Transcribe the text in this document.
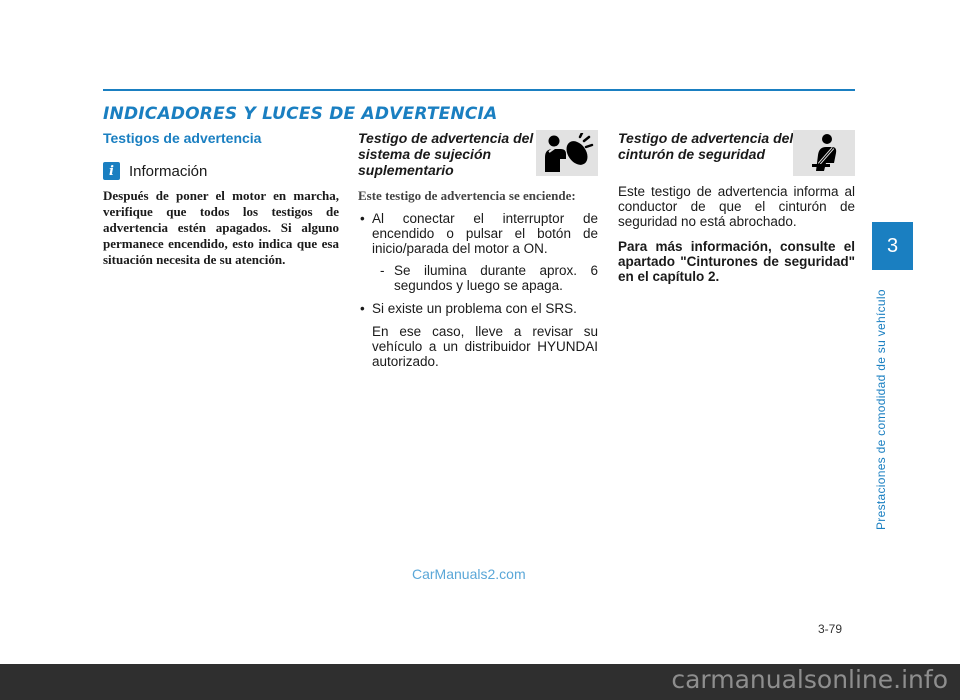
INDICADORES Y LUCES DE ADVERTENCIA
Testigos de advertencia
i	Información

Después de poner el motor en marcha, verifique que todos los testigos de advertencia estén apagados. Si alguno permanece encendido, esto indica que esa situación necesita de su atención.

Testigo de advertencia del sistema de sujeción suplementario
Este testigo de advertencia se enciende:
• Al conectar el interruptor de encendido o pulsar el botón de inicio/parada del motor a ON.
- Se ilumina durante aprox. 6 segundos y luego se apaga.
• Si existe un problema con el SRS.

En ese caso, lleve a revisar su vehículo a un distribuidor HYUNDAI autorizado.

Testigo de advertencia del cinturón de seguridad

Este testigo de advertencia informa al conductor de que el cinturón de seguridad no está abrochado.

Para más información, consulte el apartado "Cinturones de seguridad" en el capítulo 2.

3
Prestaciones de comodidad de su vehículo
CarManuals2.com
3-79
carmanualsonline.info
